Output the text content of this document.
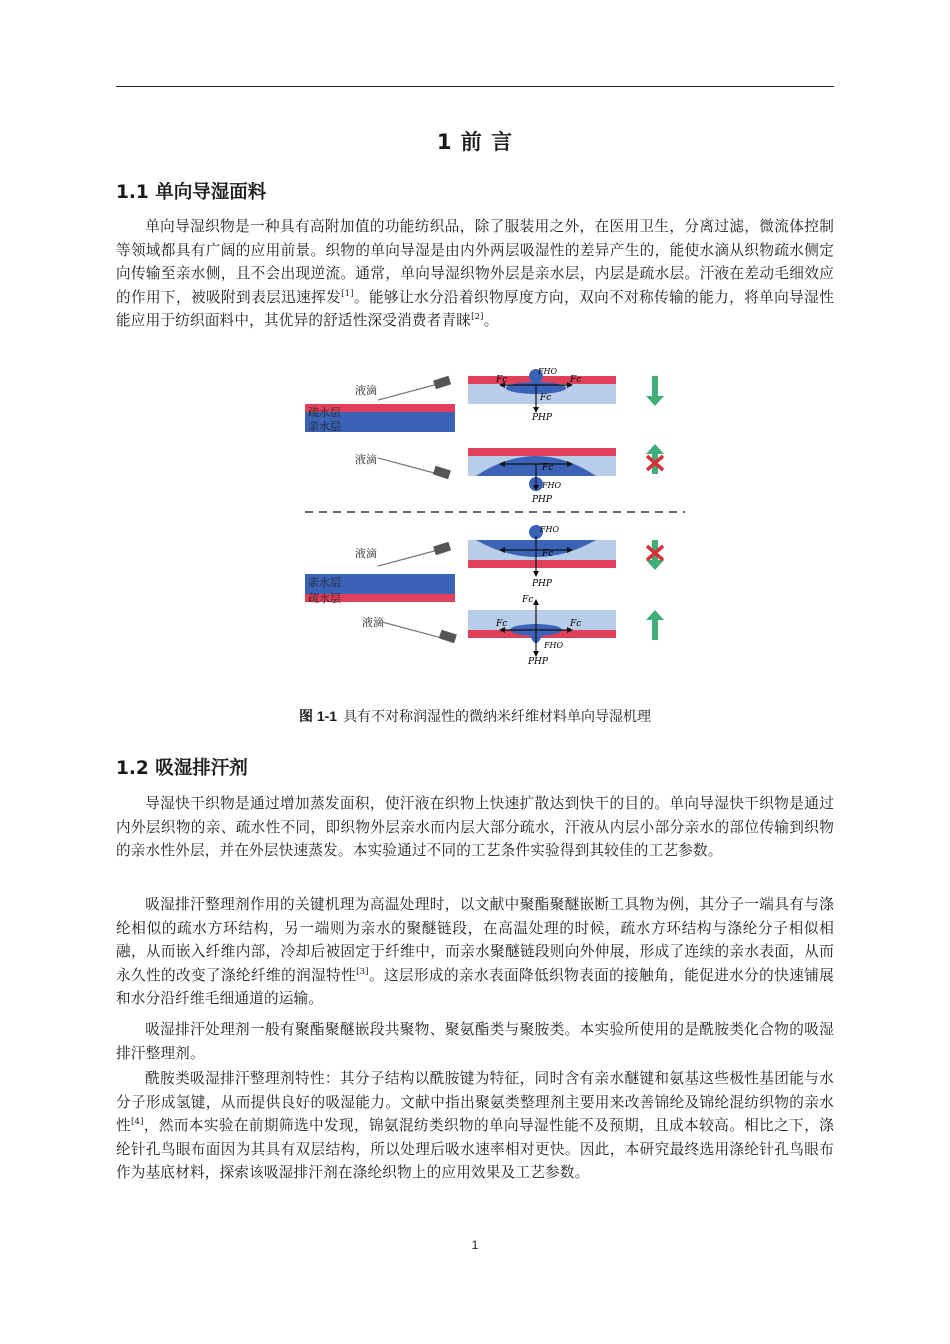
1 前 言
1.1 单向导湿面料

单向导湿织物是一种具有高附加值的功能纺织品，除了服装用之外，在医用卫生，分离过滤，微流体控制等领域都具有广阔的应用前景。织物的单向导湿是由内外两层吸湿性的差异产生的，能使水滴从织物疏水侧定向传输至亲水侧，且不会出现逆流。通常，单向导湿织物外层是亲水层，内层是疏水层。汗液在差动毛细效应的作用下，被吸附到表层迅速挥发[1]。能够让水分沿着织物厚度方向，双向不对称传输的能力，将单向导湿性能应用于纺织面料中，其优异的舒适性深受消费者青睐[2]。

疏水层
亲水层
液滴
Fc	Fc
FHO
Fc
PHP
液滴
Fc
FHO
PHP
亲水层
疏水层
液滴
FHO
Fc
PHP
液滴
Fc
Fc	Fc
FHO
PHP
图 1-1 具有不对称润湿性的微纳米纤维材料单向导湿机理
1.2 吸湿排汗剂

导湿快干织物是通过增加蒸发面积，使汗液在织物上快速扩散达到快干的目的。单向导湿快干织物是通过内外层织物的亲、疏水性不同，即织物外层亲水而内层大部分疏水，汗液从内层小部分亲水的部位传输到织物的亲水性外层，并在外层快速蒸发。本实验通过不同的工艺条件实验得到其较佳的工艺参数。

吸湿排汗整理剂作用的关键机理为高温处理时，以文献中聚酯聚醚嵌断工具物为例，其分子一端具有与涤纶相似的疏水方环结构，另一端则为亲水的聚醚链段，在高温处理的时候，疏水方环结构与涤纶分子相似相融，从而嵌入纤维内部，冷却后被固定于纤维中，而亲水聚醚链段则向外伸展，形成了连续的亲水表面，从而永久性的改变了涤纶纤维的润湿特性[3]。这层形成的亲水表面降低织物表面的接触角，能促进水分的快速铺展和水分沿纤维毛细通道的运输。

吸湿排汗处理剂一般有聚酯聚醚嵌段共聚物、聚氨酯类与聚胺类。本实验所使用的是酰胺类化合物的吸湿排汗整理剂。

酰胺类吸湿排汗整理剂特性：其分子结构以酰胺键为特征，同时含有亲水醚键和氨基这些极性基团能与水分子形成氢键，从而提供良好的吸湿能力。文献中指出聚氨类整理剂主要用来改善锦纶及锦纶混纺织物的亲水性[4]，然而本实验在前期筛选中发现，锦氨混纺类织物的单向导湿性能不及预期，且成本较高。相比之下，涤纶针孔鸟眼布面因为其具有双层结构，所以处理后吸水速率相对更快。因此，本研究最终选用涤纶针孔鸟眼布作为基底材料，探索该吸湿排汗剂在涤纶织物上的应用效果及工艺参数。

1
